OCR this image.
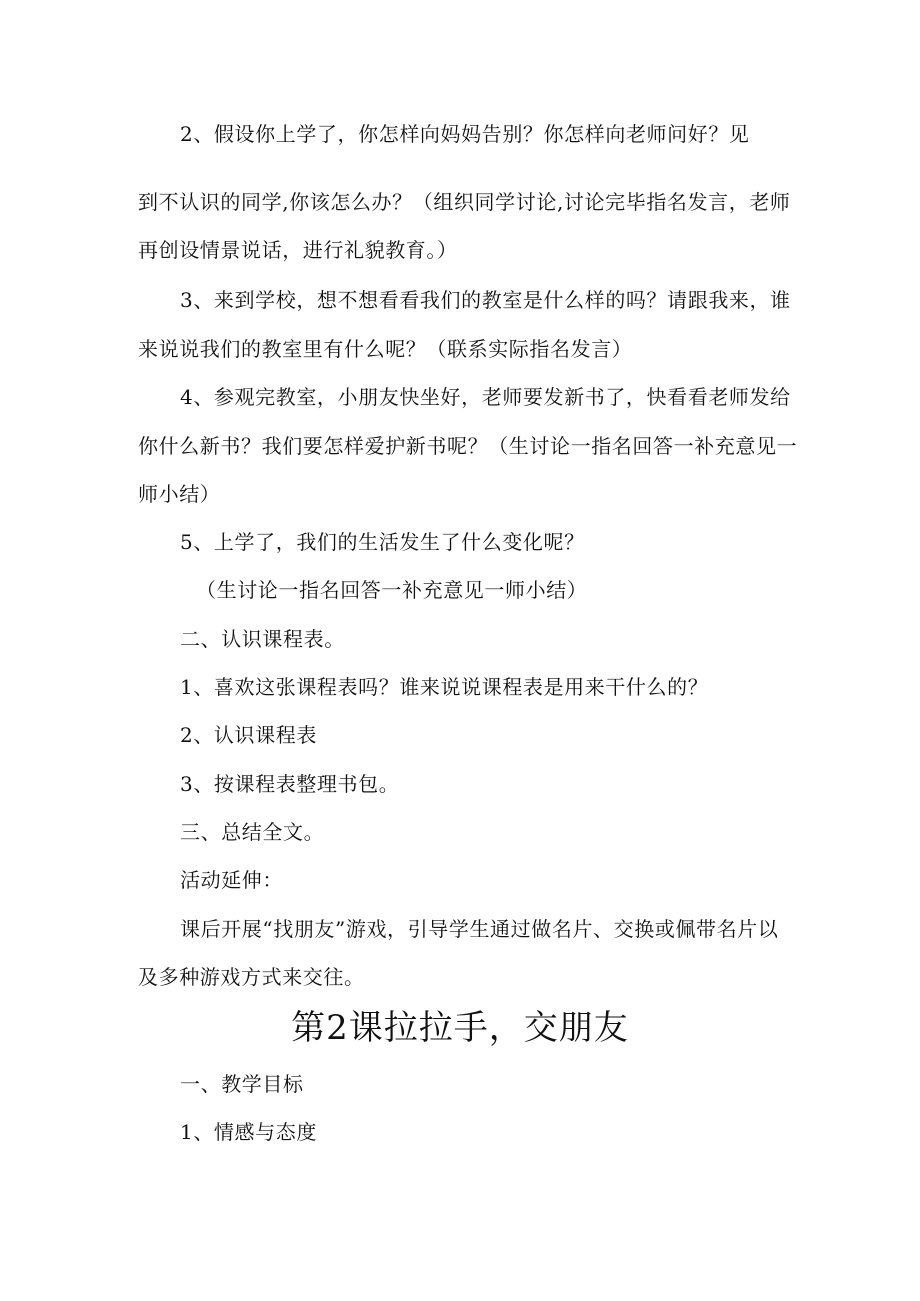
2、假设你上学了，你怎样向妈妈告别？你怎样向老师问好？见
到不认识的同学,你该怎么办？（组织同学讨论,讨论完毕指名发言，老师
再创设情景说话，进行礼貌教育。）
3、来到学校，想不想看看我们的教室是什么样的吗？请跟我来，谁
来说说我们的教室里有什么呢？（联系实际指名发言）
4、参观完教室，小朋友快坐好，老师要发新书了，快看看老师发给
你什么新书？我们要怎样爱护新书呢？（生讨论一指名回答一补充意见一
师小结）
5、上学了，我们的生活发生了什么变化呢？
（生讨论一指名回答一补充意见一师小结）
二、认识课程表。
1、喜欢这张课程表吗？谁来说说课程表是用来干什么的？
2、认识课程表
3、按课程表整理书包。
三、总结全文。
活动延伸：
课后开展“找朋友”游戏，引导学生通过做名片、交换或佩带名片以
及多种游戏方式来交往。
第2课拉拉手，交朋友
一、教学目标
1、情感与态度
